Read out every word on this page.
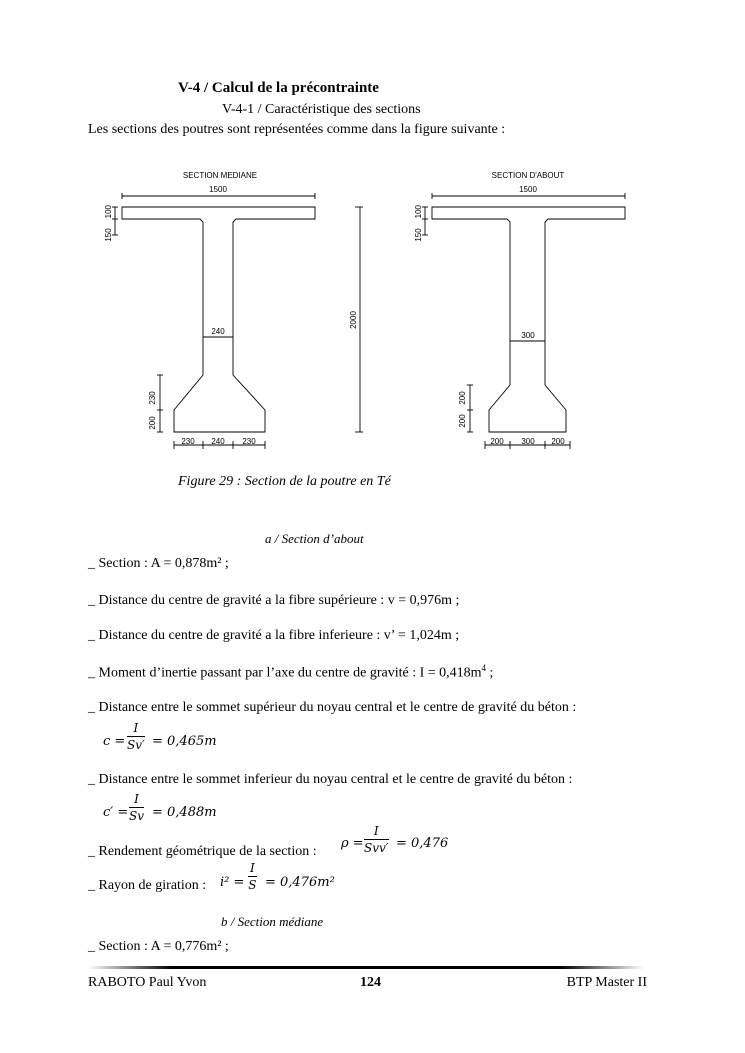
V-4 / Calcul de la précontrainte
V-4-1 / Caractéristique des sections
Les sections des poutres sont représentées comme dans la figure suivante :
SECTION MEDIANE
1500
100
150
240
230
200
230 240 230
2000
SECTION D'ABOUT
1500
100
150
300
200
200
200 300 200
Figure 29 : Section de la poutre en Té
a / Section d’about
_ Section : A = 0,878m² ;
_ Distance du centre de gravité a la fibre supérieure : v = 0,976m ;
_ Distance du centre de gravité a la fibre inferieure : v’ = 1,024m ;
_ Moment d’inertie passant par l’axe du centre de gravité : $I = 0,418m^4$ ;
_ Distance entre le sommet supérieur du noyau central et le centre de gravité du béton :
$c = \frac{I}{Sv'} = 0,465m$
_ Distance entre le sommet inferieur du noyau central et le centre de gravité du béton :
$c' = \frac{I}{Sv} = 0,488m$
_ Rendement géométrique de la section :
ρ =
I
Svv′ = 0,476
_ Rayon de giration : $i^2 = \frac{I}{S} = 0,476m^2$
b / Section médiane
_ Section : A = 0,776m² ;
RABOTO Paul Yvon	124	BTP Master II
